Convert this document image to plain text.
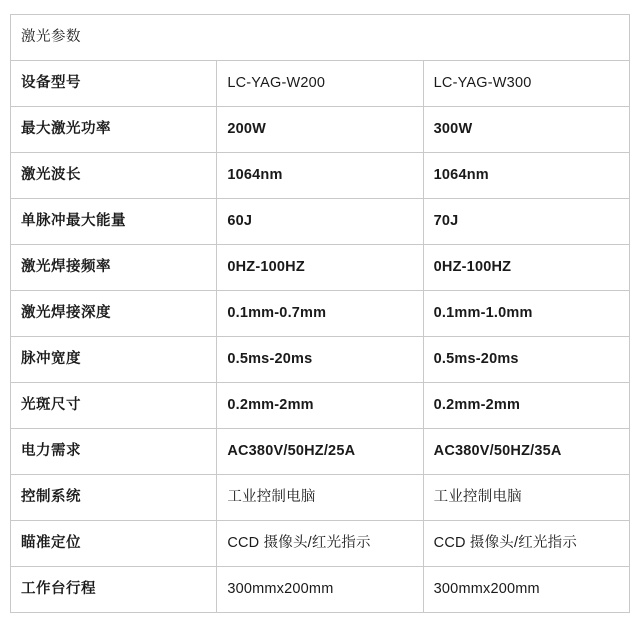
激光参数		
设备型号	LC-YAG-W200	LC-YAG-W300
最大激光功率	200W	300W
激光波长	1064nm	1064nm
单脉冲最大能量	60J	70J
激光焊接频率	0HZ-100HZ	0HZ-100HZ
激光焊接深度	0.1mm-0.7mm	0.1mm-1.0mm
脉冲宽度	0.5ms-20ms	0.5ms-20ms
光斑尺寸	0.2mm-2mm	0.2mm-2mm
电力需求	AC380V/50HZ/25A	AC380V/50HZ/35A
控制系统	工业控制电脑	工业控制电脑
瞄准定位	CCD 摄像头/红光指示	CCD 摄像头/红光指示
工作台行程	300mmx200mm	300mmx200mm
